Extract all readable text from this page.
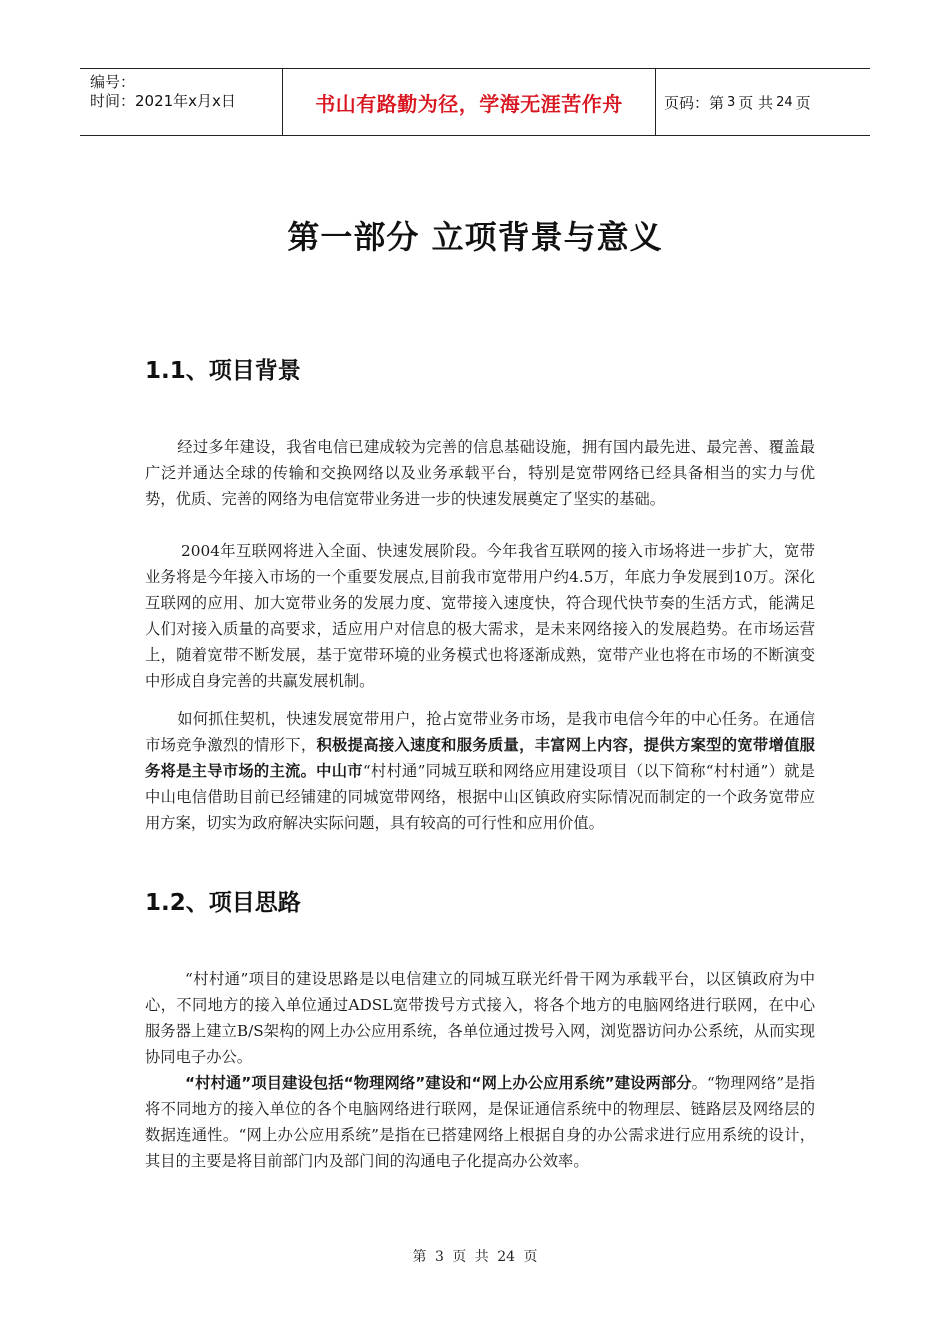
编号：
时间：2021年x月x日	书山有路勤为径，学海无涯苦作舟	页码：第 3 页 共 24 页
第一部分 立项背景与意义
1.1、项目背景

经过多年建设，我省电信已建成较为完善的信息基础设施，拥有国内最先进、最完善、覆盖最广泛并通达全球的传输和交换网络以及业务承载平台，特别是宽带网络已经具备相当的实力与优势，优质、完善的网络为电信宽带业务进一步的快速发展奠定了坚实的基础。

2004年互联网将进入全面、快速发展阶段。今年我省互联网的接入市场将进一步扩大，宽带业务将是今年接入市场的一个重要发展点,目前我市宽带用户约4.5万，年底力争发展到10万。深化互联网的应用、加大宽带业务的发展力度、宽带接入速度快，符合现代快节奏的生活方式，能满足人们对接入质量的高要求，适应用户对信息的极大需求，是未来网络接入的发展趋势。在市场运营上，随着宽带不断发展，基于宽带环境的业务模式也将逐渐成熟，宽带产业也将在市场的不断演变中形成自身完善的共赢发展机制。

如何抓住契机，快速发展宽带用户，抢占宽带业务市场，是我市电信今年的中心任务。在通信市场竞争激烈的情形下，积极提高接入速度和服务质量，丰富网上内容，提供方案型的宽带增值服务将是主导市场的主流。中山市“村村通”同城互联和网络应用建设项目（以下简称“村村通”）就是中山电信借助目前已经铺建的同城宽带网络，根据中山区镇政府实际情况而制定的一个政务宽带应用方案，切实为政府解决实际问题，具有较高的可行性和应用价值。

1.2、项目思路

“村村通”项目的建设思路是以电信建立的同城互联光纤骨干网为承载平台，以区镇政府为中心，不同地方的接入单位通过ADSL宽带拨号方式接入，将各个地方的电脑网络进行联网，在中心服务器上建立B/S架构的网上办公应用系统，各单位通过拨号入网，浏览器访问办公系统，从而实现协同电子办公。

“村村通”项目建设包括“物理网络”建设和“网上办公应用系统”建设两部分。“物理网络”是指将不同地方的接入单位的各个电脑网络进行联网，是保证通信系统中的物理层、链路层及网络层的数据连通性。“网上办公应用系统”是指在已搭建网络上根据自身的办公需求进行应用系统的设计，其目的主要是将目前部门内及部门间的沟通电子化提高办公效率。

第 3 页 共 24 页
